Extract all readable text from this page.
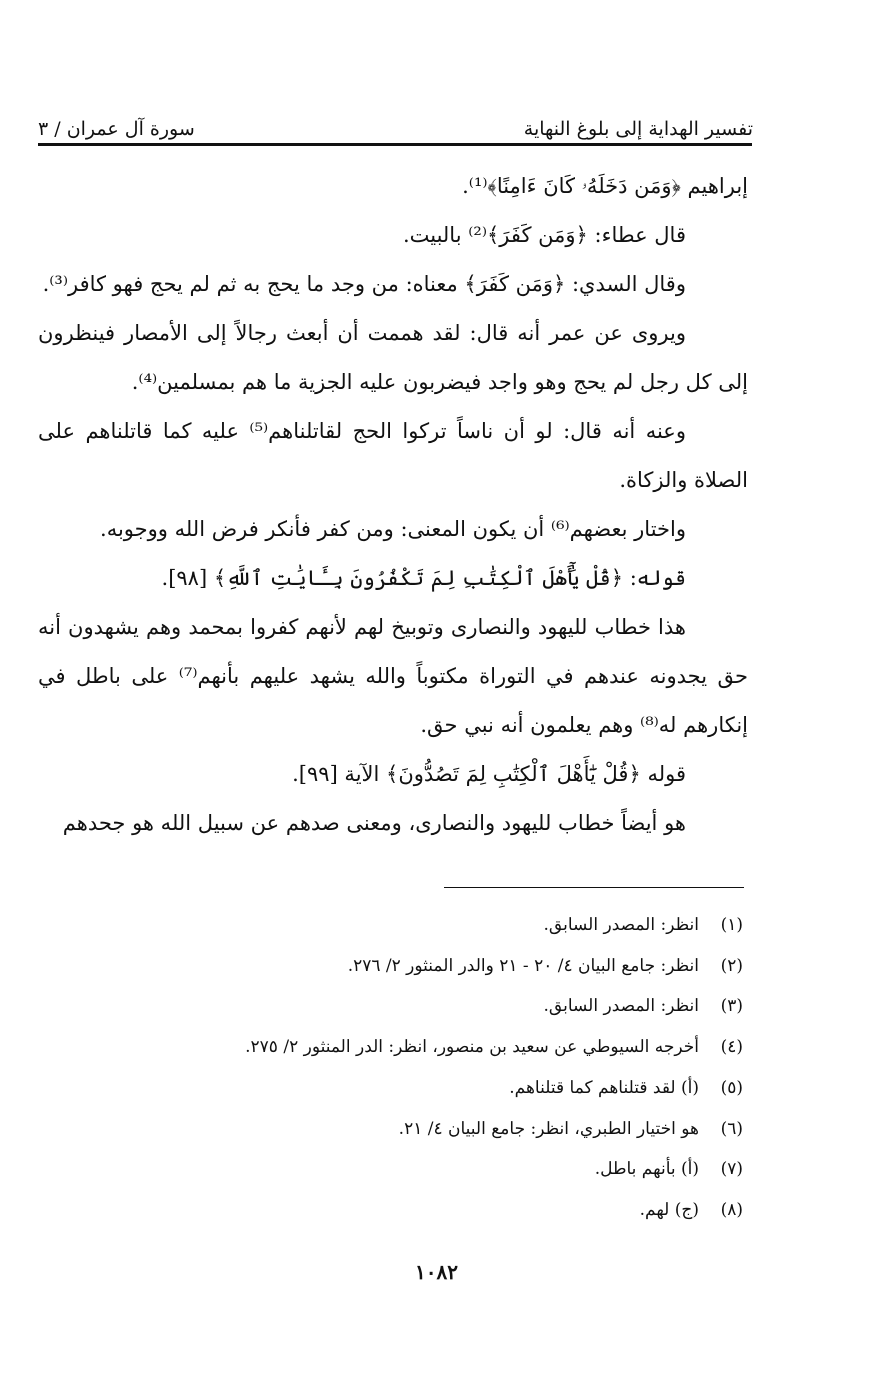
تفسير الهداية إلى بلوغ النهاية
سورة آل عمران / ٣

إبراهيم ﴿وَمَن دَخَلَهُۥ كَانَ ءَامِنًا﴾⁽¹⁾.

قال عطاء: ﴿وَمَن كَفَرَ﴾⁽²⁾ بالبيت.

وقال السدي: ﴿وَمَن كَفَرَ﴾ معناه: من وجد ما يحج به ثم لم يحج فهو كافر⁽³⁾.

ويروى عن عمر أنه قال: لقد هممت أن أبعث رجالاً إلى الأمصار فينظرون إلى كل رجل لم يحج وهو واجد فيضربون عليه الجزية ما هم بمسلمين⁽⁴⁾.

وعنه أنه قال: لو أن ناساً تركوا الحج لقاتلناهم⁽⁵⁾ عليه كما قاتلناهم على الصلاة والزكاة.

واختار بعضهم⁽⁶⁾ أن يكون المعنى: ومن كفر فأنكر فرض الله ووجوبه.

قوله: ﴿قُلْ يَٰٓأَهْلَ ٱلْكِتَٰبِ لِمَ تَكْفُرُونَ بِـَٔايَٰتِ ٱللَّهِ﴾ [٩٨].

هذا خطاب لليهود والنصارى وتوبيخ لهم لأنهم كفروا بمحمد وهم يشهدون أنه حق يجدونه عندهم في التوراة مكتوباً والله يشهد عليهم بأنهم⁽⁷⁾ على باطل في إنكارهم له⁽⁸⁾ وهم يعلمون أنه نبي حق.

قوله ﴿قُلْ يَٰٓأَهْلَ ٱلْكِتَٰبِ لِمَ تَصُدُّونَ﴾ الآية [٩٩].

هو أيضاً خطاب لليهود والنصارى، ومعنى صدهم عن سبيل الله هو جحدهم

(١)انظر: المصدر السابق.
(٢)انظر: جامع البيان ٤/ ٢٠ - ٢١ والدر المنثور ٢/ ٢٧٦.
(٣)انظر: المصدر السابق.
(٤)أخرجه السيوطي عن سعيد بن منصور، انظر: الدر المنثور ٢/ ٢٧٥.
(٥)(أ) لقد قتلناهم كما قتلناهم.
(٦)هو اختيار الطبري، انظر: جامع البيان ٤/ ٢١.
(٧)(أ) بأنهم باطل.
(٨)(ج) لهم.
١٠٨٢
